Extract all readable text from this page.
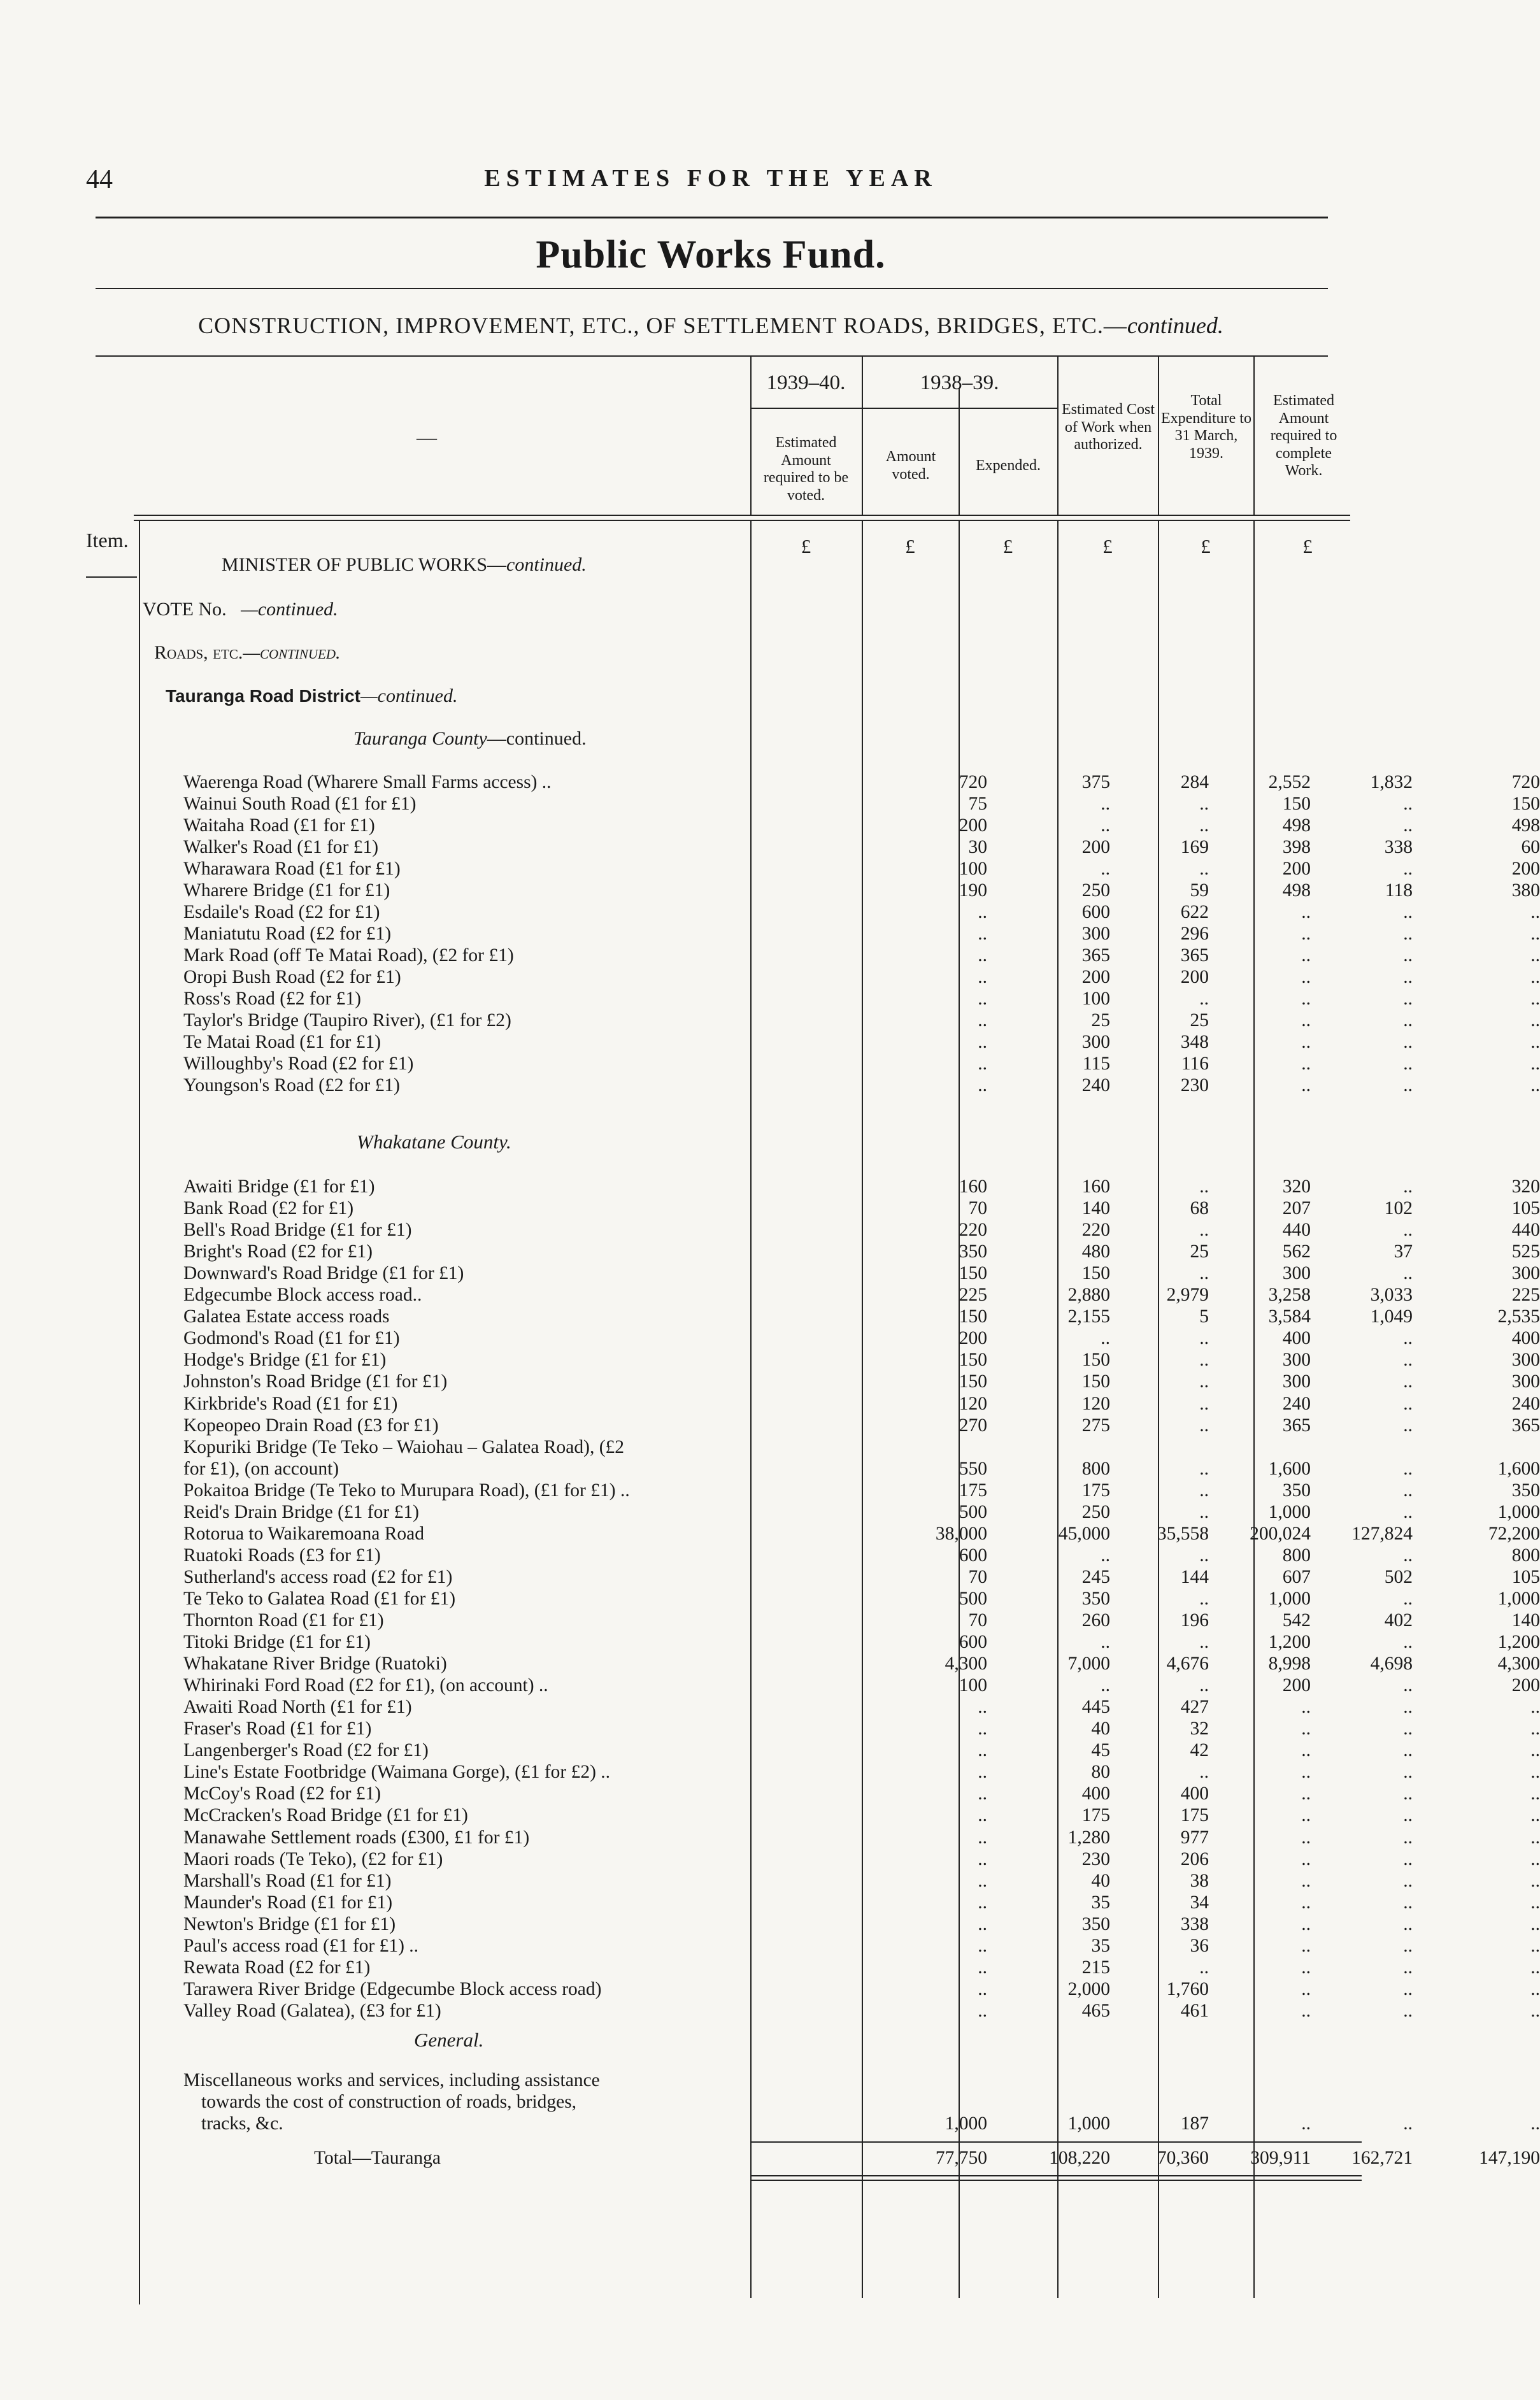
44	ESTIMATES FOR THE YEAR
Public Works Fund.
CONSTRUCTION, IMPROVEMENT, ETC., OF SETTLEMENT ROADS, BRIDGES, ETC.—continued.
—
1939–40.	1938–39.
Estimated Amount required to be voted.
Amount voted.
Expended.
Estimated Cost of Work when authorized.
Total Expenditure to 31 March, 1939.
Estimated Amount required to complete Work.
Item.	£	£	£	£	£	£
MINISTER OF PUBLIC WORKS—continued.
VOTE No. —continued.
Roads, etc.—continued.
Tauranga Road District—continued.
Tauranga County—continued.
Waerenga Road (Wharere Small Farms access) ..	720	375	284	2,552	1,832	720
Wainui South Road (£1 for £1)	75	..	..	150	..	150
Waitaha Road (£1 for £1)	200	..	..	498	..	498
Walker's Road (£1 for £1)	30	200	169	398	338	60
Wharawara Road (£1 for £1)	100	..	..	200	..	200
Wharere Bridge (£1 for £1)	190	250	59	498	118	380
Esdaile's Road (£2 for £1)	..	600	622	..	..	..
Maniatutu Road (£2 for £1)	..	300	296	..	..	..
Mark Road (off Te Matai Road), (£2 for £1)	..	365	365	..	..	..
Oropi Bush Road (£2 for £1)	..	200	200	..	..	..
Ross's Road (£2 for £1)	..	100	..	..	..	..
Taylor's Bridge (Taupiro River), (£1 for £2)	..	25	25	..	..	..
Te Matai Road (£1 for £1)	..	300	348	..	..	..
Willoughby's Road (£2 for £1)	..	115	116	..	..	..
Youngson's Road (£2 for £1)	..	240	230	..	..	..
Whakatane County.
Awaiti Bridge (£1 for £1)	160	160	..	320	..	320
Bank Road (£2 for £1)	70	140	68	207	102	105
Bell's Road Bridge (£1 for £1)	220	220	..	440	..	440
Bright's Road (£2 for £1)	350	480	25	562	37	525
Downward's Road Bridge (£1 for £1)	150	150	..	300	..	300
Edgecumbe Block access road..	225	2,880	2,979	3,258	3,033	225
Galatea Estate access roads	150	2,155	5	3,584	1,049	2,535
Godmond's Road (£1 for £1)	200	..	..	400	..	400
Hodge's Bridge (£1 for £1)	150	150	..	300	..	300
Johnston's Road Bridge (£1 for £1)	150	150	..	300	..	300
Kirkbride's Road (£1 for £1)	120	120	..	240	..	240
Kopeopeo Drain Road (£3 for £1)	270	275	..	365	..	365
Kopuriki Bridge (Te Teko – Waiohau – Galatea Road), (£2
for £1), (on account)	550	800	..	1,600	..	1,600
Pokaitoa Bridge (Te Teko to Murupara Road), (£1 for £1) ..	175	175	..	350	..	350
Reid's Drain Bridge (£1 for £1)	500	250	..	1,000	..	1,000
Rotorua to Waikaremoana Road	38,000	45,000	35,558	200,024	127,824	72,200
Ruatoki Roads (£3 for £1)	600	..	..	800	..	800
Sutherland's access road (£2 for £1)	70	245	144	607	502	105
Te Teko to Galatea Road (£1 for £1)	500	350	..	1,000	..	1,000
Thornton Road (£1 for £1)	70	260	196	542	402	140
Titoki Bridge (£1 for £1)	600	..	..	1,200	..	1,200
Whakatane River Bridge (Ruatoki)	4,300	7,000	4,676	8,998	4,698	4,300
Whirinaki Ford Road (£2 for £1), (on account) ..	100	..	..	200	..	200
Awaiti Road North (£1 for £1)	..	445	427	..	..	..
Fraser's Road (£1 for £1)	..	40	32	..	..	..
Langenberger's Road (£2 for £1)	..	45	42	..	..	..
Line's Estate Footbridge (Waimana Gorge), (£1 for £2) ..	..	80	..	..	..	..
McCoy's Road (£2 for £1)	..	400	400	..	..	..
McCracken's Road Bridge (£1 for £1)	..	175	175	..	..	..
Manawahe Settlement roads (£300, £1 for £1)	..	1,280	977	..	..	..
Maori roads (Te Teko), (£2 for £1)	..	230	206	..	..	..
Marshall's Road (£1 for £1)	..	40	38	..	..	..
Maunder's Road (£1 for £1)	..	35	34	..	..	..
Newton's Bridge (£1 for £1)	..	350	338	..	..	..
Paul's access road (£1 for £1) ..	..	35	36	..	..	..
Rewata Road (£2 for £1)	..	215	..	..	..	..
Tarawera River Bridge (Edgecumbe Block access road)	..	2,000	1,760	..	..	..
Valley Road (Galatea), (£3 for £1)	..	465	461	..	..	..
General.
Miscellaneous works and services, including assistance
towards the cost of construction of roads, bridges,
tracks, &c.	1,000	1,000	187	..	..	..
Total—Tauranga	77,750	108,220	70,360	309,911	162,721	147,190
